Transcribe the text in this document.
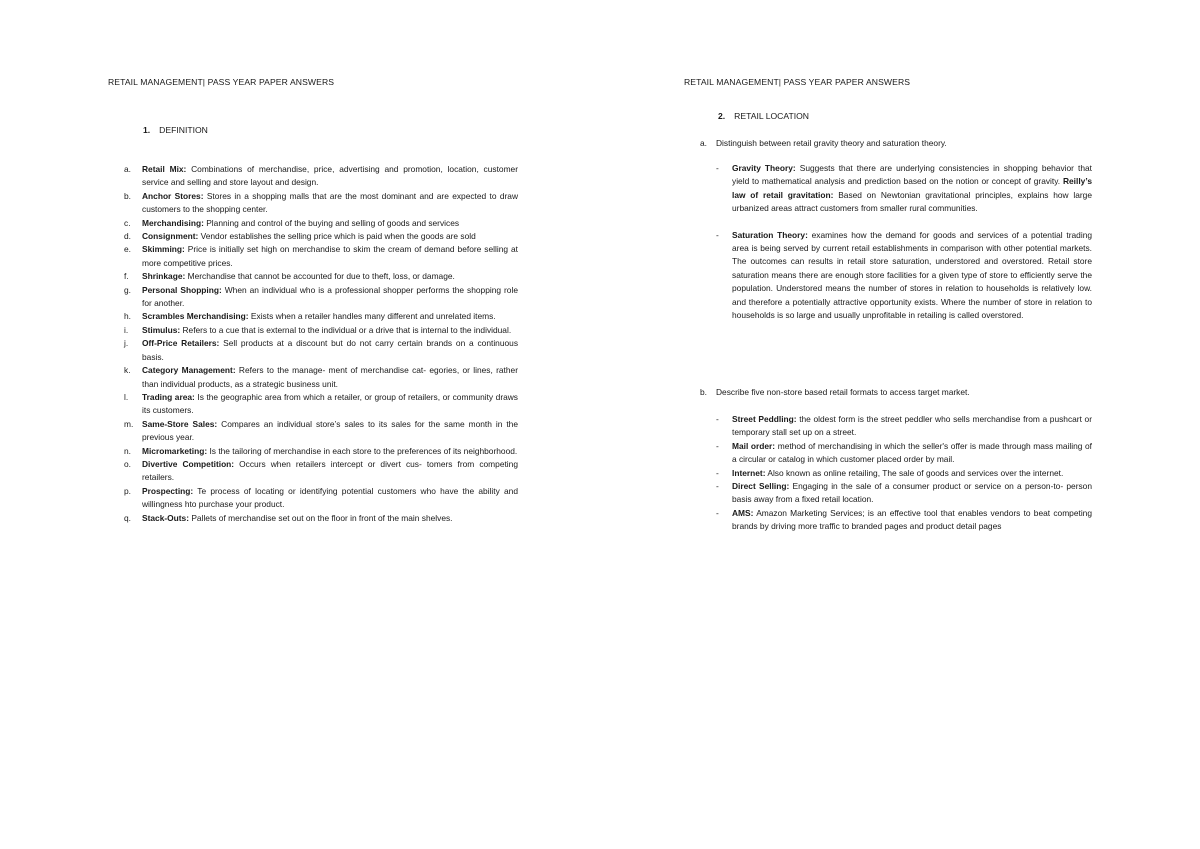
RETAIL MANAGEMENT| PASS YEAR PAPER ANSWERS
1. DEFINITION
a. Retail Mix: Combinations of merchandise, price, advertising and promotion, location, customer service and selling and store layout and design.
b. Anchor Stores: Stores in a shopping malls that are the most dominant and are expected to draw customers to the shopping center.
c. Merchandising: Planning and control of the buying and selling of goods and services
d. Consignment: Vendor establishes the selling price which is paid when the goods are sold
e. Skimming: Price is initially set high on merchandise to skim the cream of demand before selling at more competitive prices.
f. Shrinkage: Merchandise that cannot be accounted for due to theft, loss, or damage.
g. Personal Shopping: When an individual who is a professional shopper performs the shopping role for another.
h. Scrambles Merchandising: Exists when a retailer handles many different and unrelated items.
i. Stimulus: Refers to a cue that is external to the individual or a drive that is internal to the individual.
j. Off-Price Retailers: Sell products at a discount but do not carry certain brands on a continuous basis.
k. Category Management: Refers to the manage- ment of merchandise cat- egories, or lines, rather than individual products, as a strategic business unit.
l. Trading area: Is the geographic area from which a retailer, or group of retailers, or community draws its customers.
m. Same-Store Sales: Compares an individual store’s sales to its sales for the same month in the previous year.
n. Micromarketing: Is the tailoring of merchandise in each store to the preferences of its neighborhood.
o. Divertive Competition: Occurs when retailers intercept or divert cus- tomers from competing retailers.
p. Prospecting: Te process of locating or identifying potential customers who have the ability and willingness hto purchase your product.
q. Stack-Outs: Pallets of merchandise set out on the floor in front of the main shelves.
RETAIL MANAGEMENT| PASS YEAR PAPER ANSWERS
2. RETAIL LOCATION
a. Distinguish between retail gravity theory and saturation theory.
- Gravity Theory: Suggests that there are underlying consistencies in shopping behavior that yield to mathematical analysis and prediction based on the notion or concept of gravity. Reilly’s law of retail gravitation: Based on Newtonian gravitational principles, explains how large urbanized areas attract customers from smaller rural communities.
- Saturation Theory: examines how the demand for goods and services of a potential trading area is being served by current retail establishments in comparison with other potential markets. The outcomes can results in retail store saturation, understored and overstored. Retail store saturation means there are enough store facilities for a given type of store to efficiently serve the population. Understored means the number of stores in relation to households is relatively low. and therefore a potentially attractive opportunity exists. Where the number of store in relation to households is so large and usually unprofitable in retailing is called overstored.
b. Describe five non-store based retail formats to access target market.
- Street Peddling: the oldest form is the street peddler who sells merchandise from a pushcart or temporary stall set up on a street.
- Mail order: method of merchandising in which the seller's offer is made through mass mailing of a circular or catalog in which customer placed order by mail.
- Internet: Also known as online retailing, The sale of goods and services over the internet.
- Direct Selling: Engaging in the sale of a consumer product or service on a person-to- person basis away from a fixed retail location.
- AMS: Amazon Marketing Services; is an effective tool that enables vendors to beat competing brands by driving more traffic to branded pages and product detail pages
